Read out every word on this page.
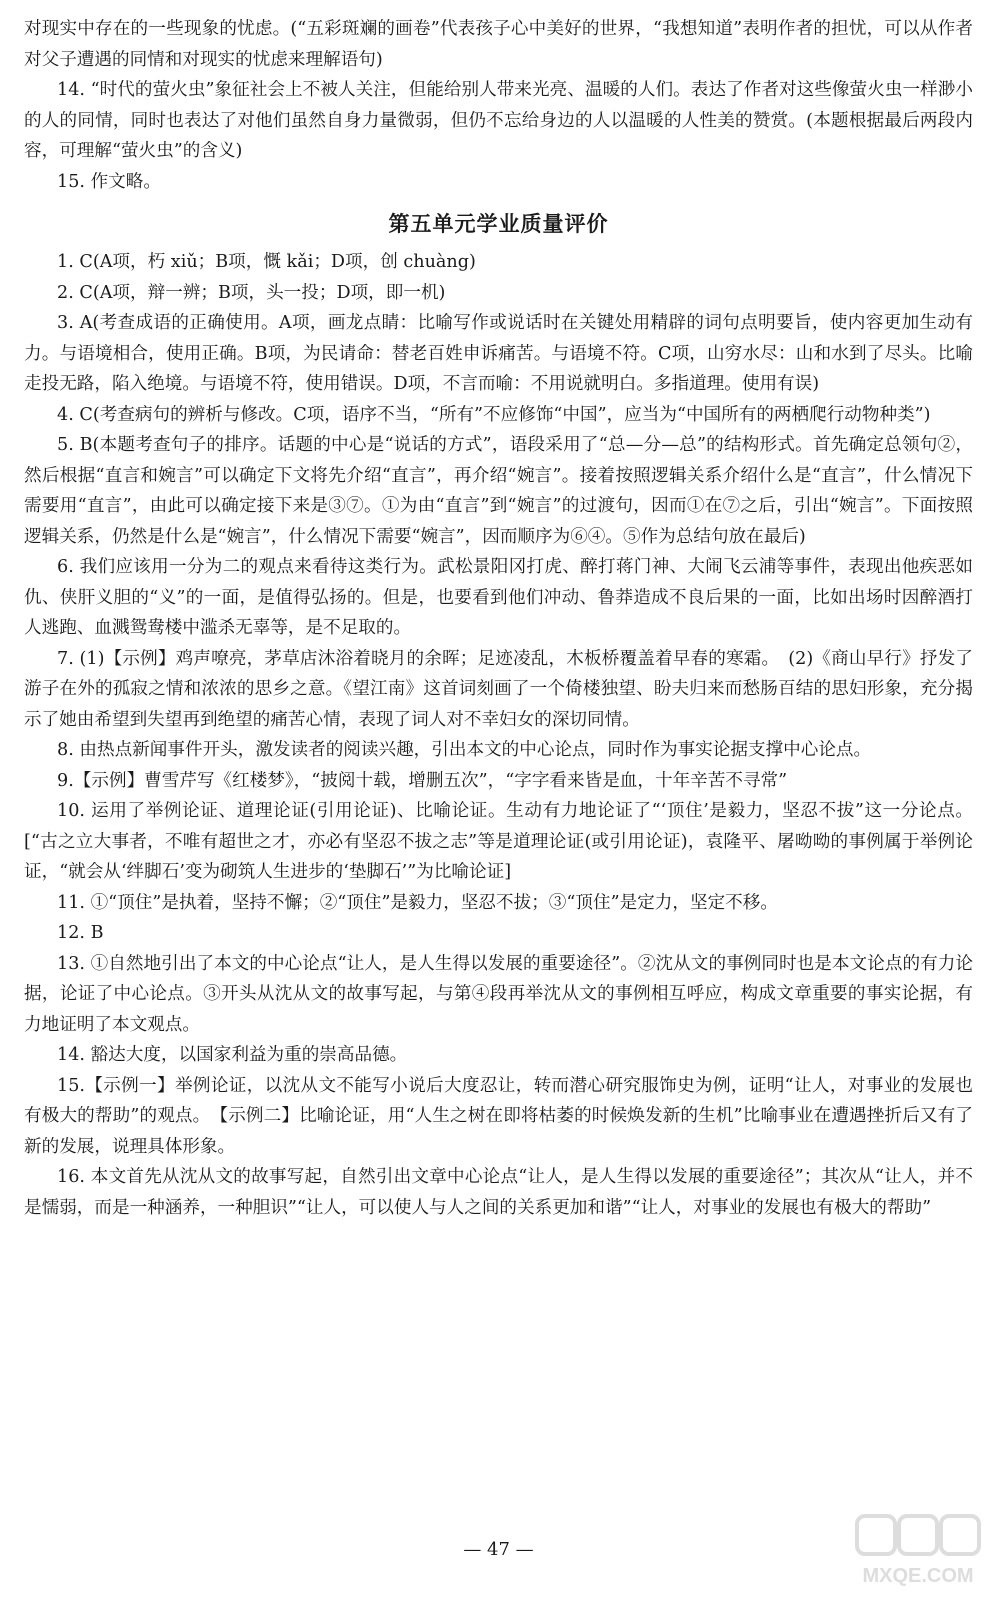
对现实中存在的一些现象的忧虑。(“五彩斑斓的画卷”代表孩子心中美好的世界，“我想知道”表明作者的担忧，可以从作者对父子遭遇的同情和对现实的忧虑来理解语句)

14. “时代的萤火虫”象征社会上不被人关注，但能给别人带来光亮、温暖的人们。表达了作者对这些像萤火虫一样渺小的人的同情，同时也表达了对他们虽然自身力量微弱，但仍不忘给身边的人以温暖的人性美的赞赏。(本题根据最后两段内容，可理解“萤火虫”的含义)

15. 作文略。

第五单元学业质量评价

1. C(A项，朽 xiǔ；B项，慨 kǎi；D项，创 chuàng)

2. C(A项，辩一辨；B项，头一投；D项，即一机)

3. A(考查成语的正确使用。A项，画龙点睛：比喻写作或说话时在关键处用精辟的词句点明要旨，使内容更加生动有力。与语境相合，使用正确。B项，为民请命：替老百姓申诉痛苦。与语境不符。C项，山穷水尽：山和水到了尽头。比喻走投无路，陷入绝境。与语境不符，使用错误。D项，不言而喻：不用说就明白。多指道理。使用有误)

4. C(考查病句的辨析与修改。C项，语序不当，“所有”不应修饰“中国”，应当为“中国所有的两栖爬行动物种类”)

5. B(本题考查句子的排序。话题的中心是“说话的方式”，语段采用了“总—分—总”的结构形式。首先确定总领句②，然后根据“直言和婉言”可以确定下文将先介绍“直言”，再介绍“婉言”。接着按照逻辑关系介绍什么是“直言”，什么情况下需要用“直言”，由此可以确定接下来是③⑦。①为由“直言”到“婉言”的过渡句，因而①在⑦之后，引出“婉言”。下面按照逻辑关系，仍然是什么是“婉言”，什么情况下需要“婉言”，因而顺序为⑥④。⑤作为总结句放在最后)

6. 我们应该用一分为二的观点来看待这类行为。武松景阳冈打虎、醉打蒋门神、大闹飞云浦等事件，表现出他疾恶如仇、侠肝义胆的“义”的一面，是值得弘扬的。但是，也要看到他们冲动、鲁莽造成不良后果的一面，比如出场时因醉酒打人逃跑、血溅鸳鸯楼中滥杀无辜等，是不足取的。

7. (1)【示例】鸡声嘹亮，茅草店沐浴着晓月的余晖；足迹凌乱，木板桥覆盖着早春的寒霜。　(2)《商山早行》抒发了游子在外的孤寂之情和浓浓的思乡之意。《望江南》这首词刻画了一个倚楼独望、盼夫归来而愁肠百结的思妇形象，充分揭示了她由希望到失望再到绝望的痛苦心情，表现了词人对不幸妇女的深切同情。

8. 由热点新闻事件开头，激发读者的阅读兴趣，引出本文的中心论点，同时作为事实论据支撑中心论点。

9.【示例】曹雪芹写《红楼梦》，“披阅十载，增删五次”，“字字看来皆是血，十年辛苦不寻常”

10. 运用了举例论证、道理论证(引用论证)、比喻论证。生动有力地论证了“‘顶住’是毅力，坚忍不拔”这一分论点。[“古之立大事者，不唯有超世之才，亦必有坚忍不拔之志”等是道理论证(或引用论证)，袁隆平、屠呦呦的事例属于举例论证，“就会从‘绊脚石’变为砌筑人生进步的‘垫脚石’”为比喻论证]

11. ①“顶住”是执着，坚持不懈；②“顶住”是毅力，坚忍不拔；③“顶住”是定力，坚定不移。

12. B

13. ①自然地引出了本文的中心论点“让人，是人生得以发展的重要途径”。②沈从文的事例同时也是本文论点的有力论据，论证了中心论点。③开头从沈从文的故事写起，与第④段再举沈从文的事例相互呼应，构成文章重要的事实论据，有力地证明了本文观点。

14. 豁达大度，以国家利益为重的崇高品德。

15.【示例一】举例论证，以沈从文不能写小说后大度忍让，转而潜心研究服饰史为例，证明“让人，对事业的发展也有极大的帮助”的观点。　【示例二】比喻论证，用“人生之树在即将枯萎的时候焕发新的生机”比喻事业在遭遇挫折后又有了新的发展，说理具体形象。

16. 本文首先从沈从文的故事写起，自然引出文章中心论点“让人，是人生得以发展的重要途径”；其次从“让人，并不是懦弱，而是一种涵养，一种胆识”“让人，可以使人与人之间的关系更加和谐”“让人，对事业的发展也有极大的帮助”

— 47 —
MXQE.COM
